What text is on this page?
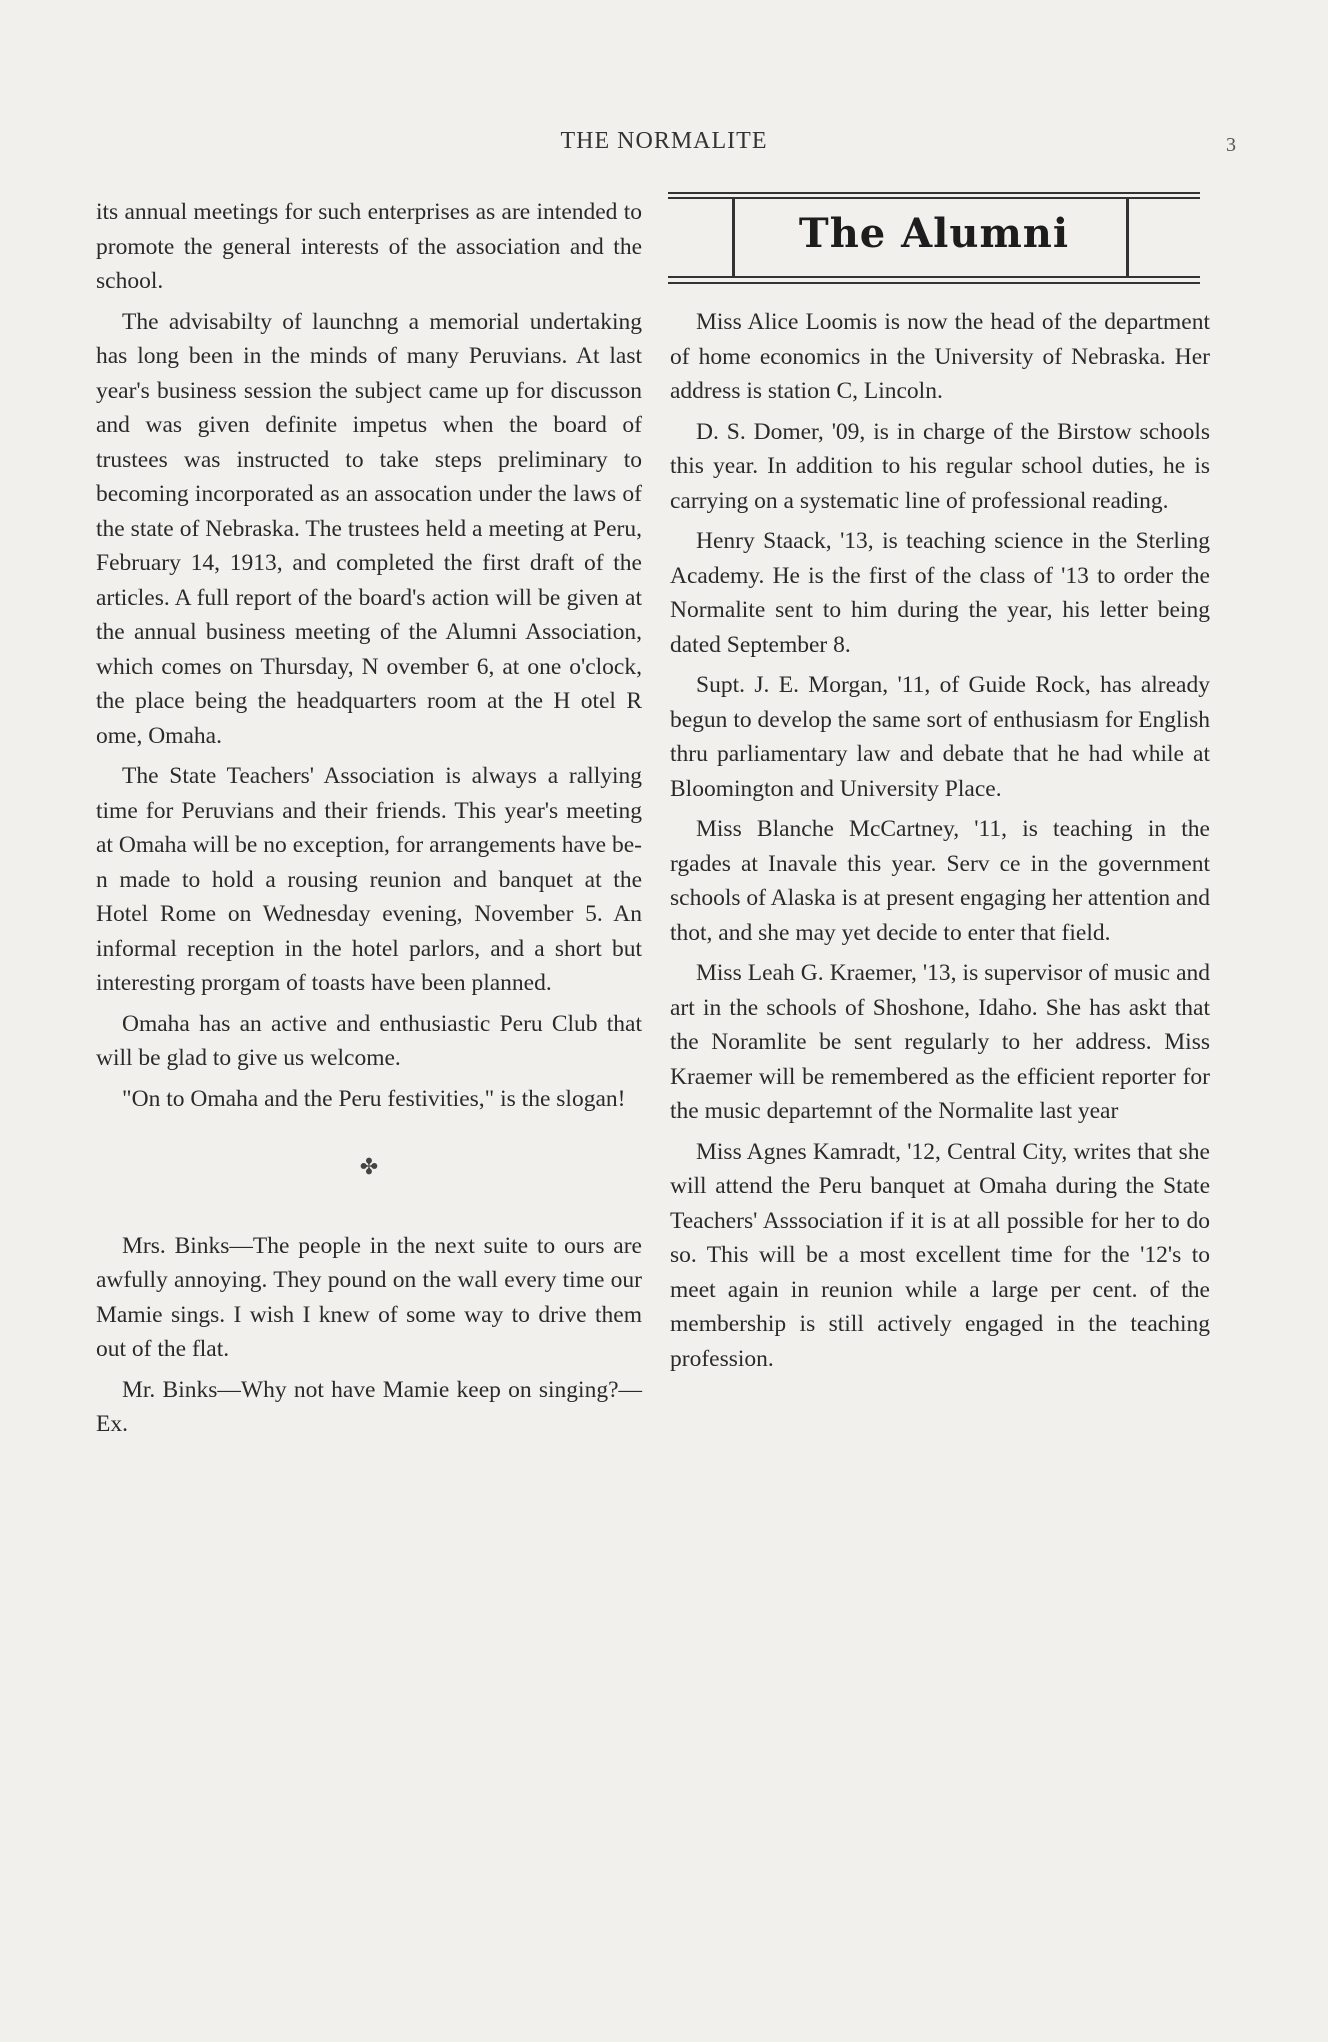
THE NORMALITE	3

its annual meetings for such enterprises as are intended to promote the general interests of the association and the school.

The advisabilty of launchng a memorial undertaking has long been in the minds of many Peruvians. At last year's business session the subject came up for discusson and was given definite impetus when the board of trustees was instructed to take steps preliminary to becoming incorporated as an assocation under the laws of the state of Nebraska. The trustees held a meeting at Peru, February 14, 1913, and completed the first draft of the articles. A full report of the board's action will be given at the annual business meeting of the Alumni Association, which comes on Thursday, N ovember 6, at one o'clock, the place being the headquarters room at the H otel R ome, Omaha.

The State Teachers' Association is always a rallying time for Peruvians and their friends. This year's meeting at Omaha will be no exception, for arrangements have be-n made to hold a rousing reunion and banquet at the Hotel Rome on Wednesday evening, November 5. An informal reception in the hotel parlors, and a short but interesting prorgam of toasts have been planned.

Omaha has an active and enthusiastic Peru Club that will be glad to give us welcome.

"On to Omaha and the Peru festivities," is the slogan!

✤

Mrs. Binks—The people in the next suite to ours are awfully annoying. They pound on the wall every time our Mamie sings. I wish I knew of some way to drive them out of the flat.

Mr. Binks—Why not have Mamie keep on singing?—Ex.

The Alumni

Miss Alice Loomis is now the head of the department of home economics in the University of Nebraska. Her address is station C, Lincoln.

D. S. Domer, '09, is in charge of the Birstow schools this year. In addition to his regular school duties, he is carrying on a systematic line of professional reading.

Henry Staack, '13, is teaching science in the Sterling Academy. He is the first of the class of '13 to order the Normalite sent to him during the year, his letter being dated September 8.

Supt. J. E. Morgan, '11, of Guide Rock, has already begun to develop the same sort of enthusiasm for English thru parliamentary law and debate that he had while at Bloomington and University Place.

Miss Blanche McCartney, '11, is teaching in the rgades at Inavale this year. Serv ce in the government schools of Alaska is at present engaging her attention and thot, and she may yet decide to enter that field.

Miss Leah G. Kraemer, '13, is supervisor of music and art in the schools of Shoshone, Idaho. She has askt that the Noramlite be sent regularly to her address. Miss Kraemer will be remembered as the efficient reporter for the music departemnt of the Normalite last year

Miss Agnes Kamradt, '12, Central City, writes that she will attend the Peru banquet at Omaha during the State Teachers' Asssociation if it is at all possible for her to do so. This will be a most excellent time for the '12's to meet again in reunion while a large per cent. of the membership is still actively engaged in the teaching profession.
